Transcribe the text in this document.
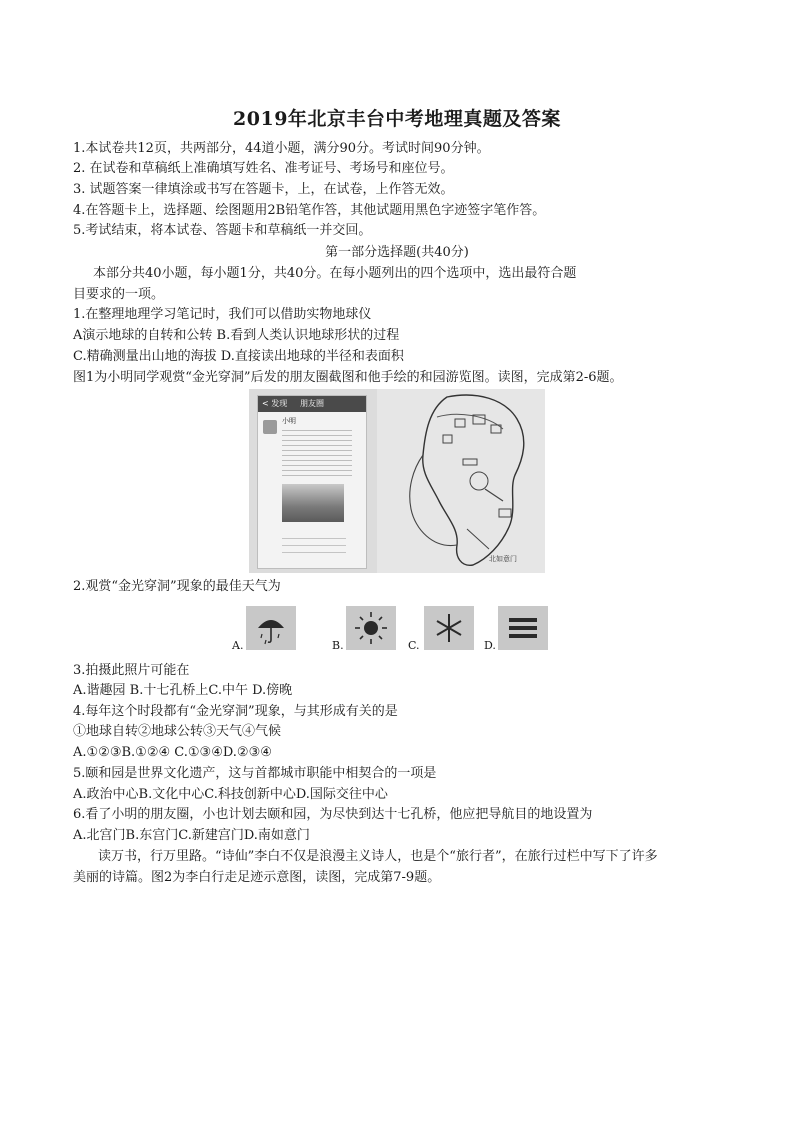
2019年北京丰台中考地理真题及答案
1.本试卷共12页，共两部分，44道小题，满分90分。考试时间90分钟。
2. 在试卷和草稿纸上准确填写姓名、准考证号、考场号和座位号。
3. 试题答案一律填涂或书写在答题卡，上，在试卷，上作答无效。
4.在答题卡上，选择题、绘图题用2B铅笔作答，其他试题用黑色字迹签字笔作答。
5.考试结束，将本试卷、答题卡和草稿纸一并交回。
第一部分选择题(共40分)
本部分共40小题，每小题1分，共40分。在每小题列出的四个选项中，选出最符合题
目要求的一项。
1.在整理地理学习笔记时，我们可以借助实物地球仪
A演示地球的自转和公转 B.看到人类认识地球形状的过程
C.精确测量出山地的海拔 D.直接读出地球的半径和表面积
图1为小明同学观赏“金光穿洞”后发的朋友圈截图和他手绘的和园游览图。读图，完成第2-6题。
< 发现 朋友圈
小明
北如意门
2.观赏“金光穿洞”现象的最佳天气为
A.	B.	C.	D.
3.拍摄此照片可能在
A.谐趣园 B.十七孔桥上C.中午 D.傍晚
4.每年这个时段都有“金光穿洞”现象，与其形成有关的是
①地球自转②地球公转③天气④气候
A.①②③B.①②④ C.①③④D.②③④
5.颐和园是世界文化遗产，这与首都城市职能中相契合的一项是
A.政治中心B.文化中心C.科技创新中心D.国际交往中心
6.看了小明的朋友圈，小也计划去颐和园，为尽快到达十七孔桥，他应把导航目的地设置为
A.北宫门B.东宫门C.新建宫门D.南如意门
读万书，行万里路。“诗仙”李白不仅是浪漫主义诗人，也是个“旅行者”，在旅行过栏中写下了许多
美丽的诗篇。图2为李白行走足迹示意图，读图，完成第7-9题。
